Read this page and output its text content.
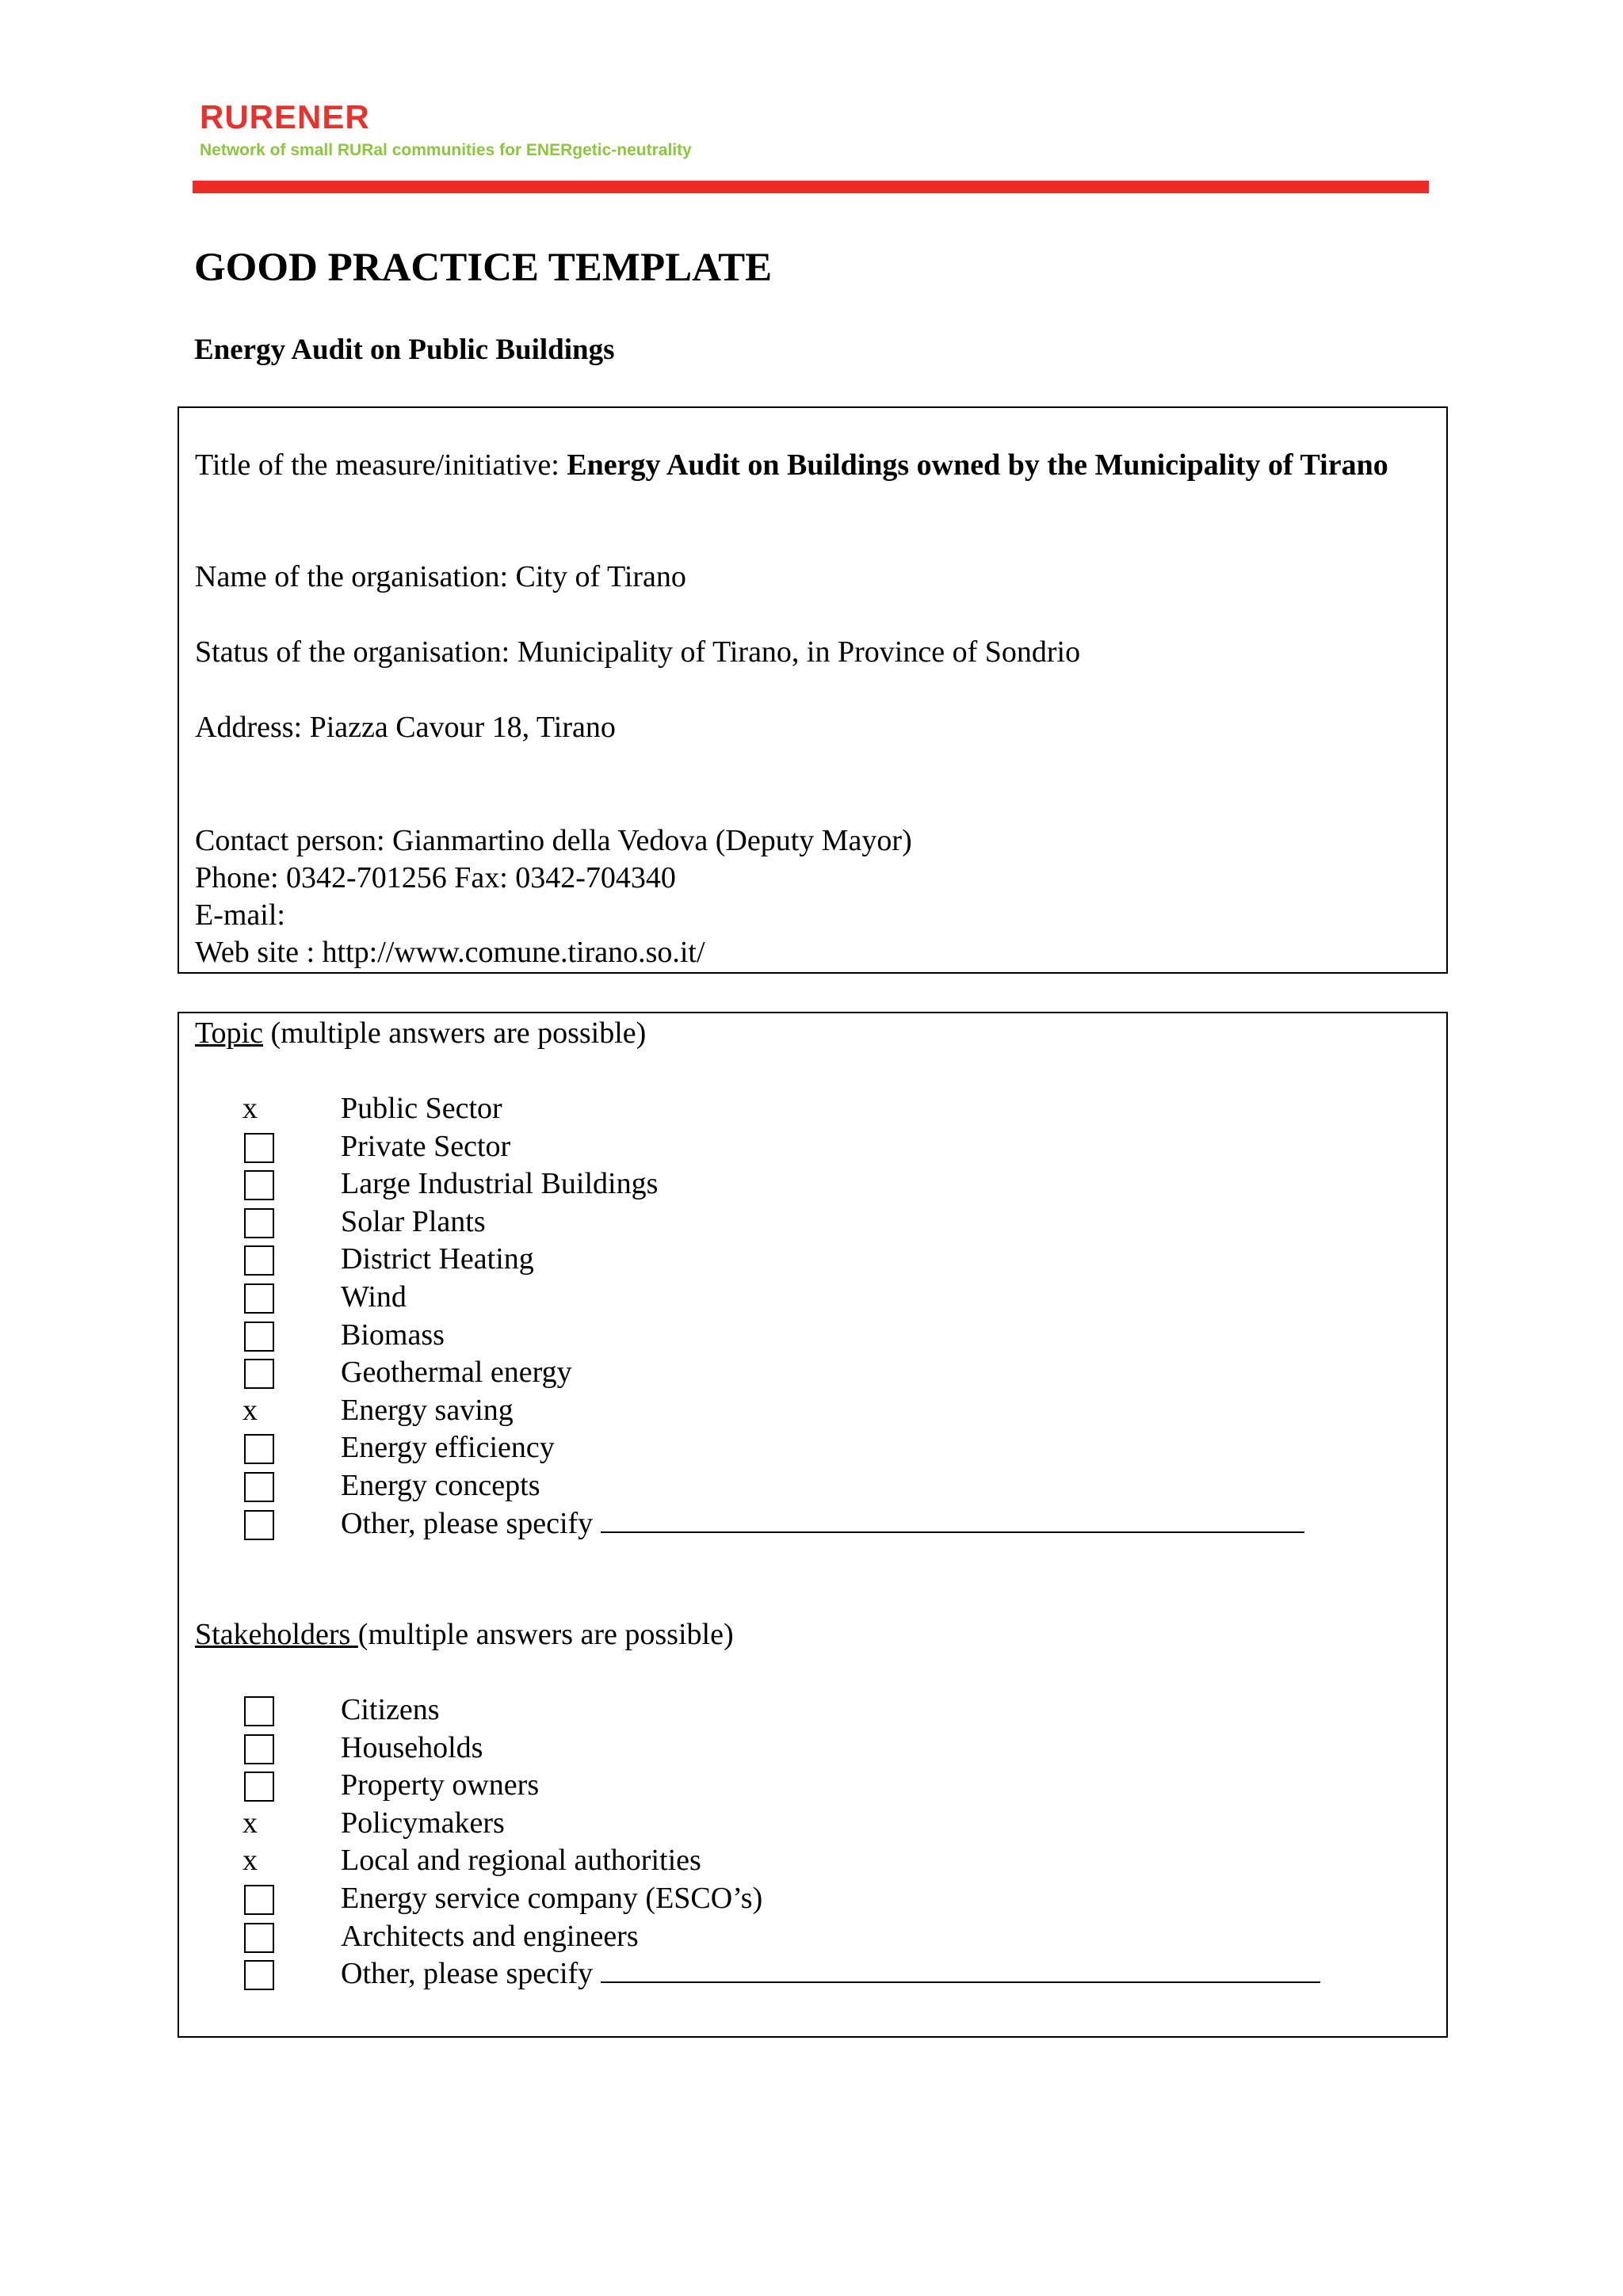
RURENER
Network of small RURal communities for ENERgetic-neutrality
GOOD PRACTICE TEMPLATE
Energy Audit on Public Buildings
Title of the measure/initiative: Energy Audit on Buildings owned by the Municipality of Tirano
Name of the organisation: City of Tirano
Status of the organisation: Municipality of Tirano, in Province of Sondrio
Address: Piazza Cavour 18, Tirano
Contact person: Gianmartino della Vedova (Deputy Mayor)
Phone: 0342-701256 Fax: 0342-704340
E-mail:
Web site : http://www.comune.tirano.so.it/
Topic (multiple answers are possible)
x	Public Sector
Private Sector
Large Industrial Buildings
Solar Plants
District Heating
Wind
Biomass
Geothermal energy
x	Energy saving
Energy efficiency
Energy concepts
Other, please specify
Stakeholders (multiple answers are possible)
Citizens
Households
Property owners
x	Policymakers
x	Local and regional authorities
Energy service company (ESCO’s)
Architects and engineers
Other, please specify
